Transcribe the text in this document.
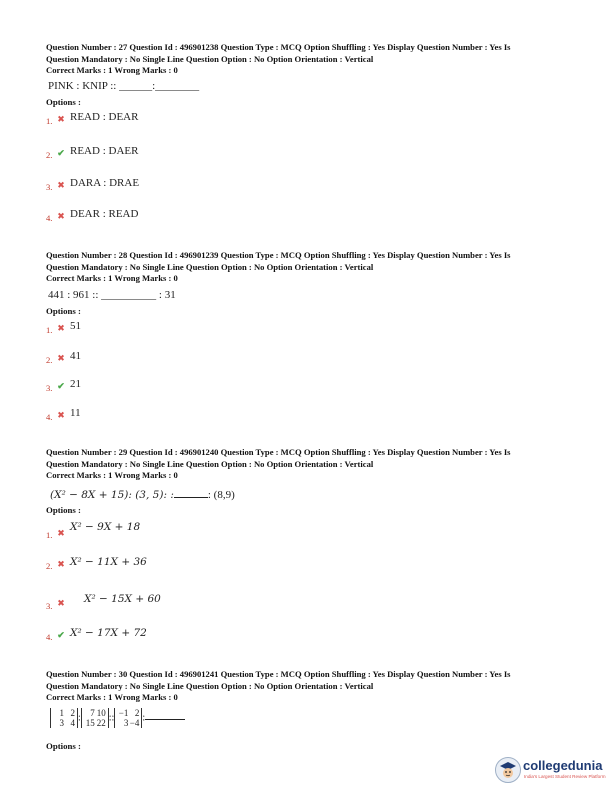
Question Number : 27 Question Id : 496901238 Question Type : MCQ Option Shuffling : Yes Display Question Number : Yes Is
Question Mandatory : No Single Line Question Option : No Option Orientation : Vertical
Correct Marks : 1 Wrong Marks : 0
PINK : KNIP :: ______:________
Options :
1. ✖ READ : DEAR
2. ✔ READ : DAER
3. ✖ DARA : DRAE
4. ✖ DEAR : READ
Question Number : 28 Question Id : 496901239 Question Type : MCQ Option Shuffling : Yes Display Question Number : Yes Is
Question Mandatory : No Single Line Question Option : No Option Orientation : Vertical
Correct Marks : 1 Wrong Marks : 0
441 : 961 :: __________ : 31
Options :
1. ✖ 51
2. ✖ 41
3. ✔ 21
4. ✖ 11
Question Number : 29 Question Id : 496901240 Question Type : MCQ Option Shuffling : Yes Display Question Number : Yes Is
Question Mandatory : No Single Line Question Option : No Option Orientation : Vertical
Correct Marks : 1 Wrong Marks : 0
(X² − 8X + 15): (3, 5): :	: (8,9)
Options :
1. ✖ X² − 9X + 18
2. ✖ X² − 11X + 36
3. ✖ X² − 15X + 60
4. ✔ X² − 17X + 72
Question Number : 30 Question Id : 496901241 Question Type : MCQ Option Shuffling : Yes Display Question Number : Yes Is
Question Mandatory : No Single Line Question Option : No Option Orientation : Vertical
Correct Marks : 1 Wrong Marks : 0
1 2
3 4 : 7 10
15 22 :: −1 2
3−4 :
Options :
collegedunia
India's Largest Student Review Platform
